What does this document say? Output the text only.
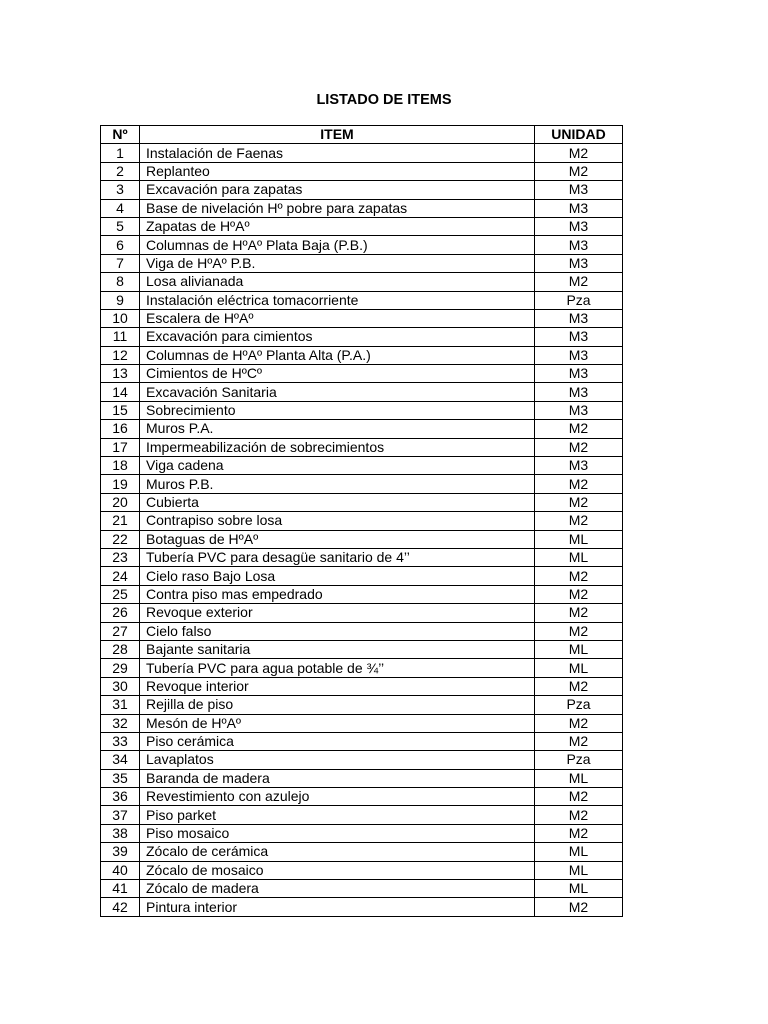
LISTADO DE ITEMS
Nº	ITEM	UNIDAD
1	Instalación de Faenas	M2
2	Replanteo	M2
3	Excavación para zapatas	M3
4	Base de nivelación Hº pobre para zapatas	M3
5	Zapatas de HºAº	M3
6	Columnas de HºAº Plata Baja (P.B.)	M3
7	Viga de HºAº P.B.	M3
8	Losa alivianada	M2
9	Instalación eléctrica tomacorriente	Pza
10	Escalera de HºAº	M3
11	Excavación para cimientos	M3
12	Columnas de HºAº Planta Alta (P.A.)	M3
13	Cimientos de HºCº	M3
14	Excavación Sanitaria	M3
15	Sobrecimiento	M3
16	Muros P.A.	M2
17	Impermeabilización de sobrecimientos	M2
18	Viga cadena	M3
19	Muros P.B.	M2
20	Cubierta	M2
21	Contrapiso sobre losa	M2
22	Botaguas de HºAº	ML
23	Tubería PVC para desagüe sanitario de 4’’	ML
24	Cielo raso Bajo Losa	M2
25	Contra piso mas empedrado	M2
26	Revoque exterior	M2
27	Cielo falso	M2
28	Bajante sanitaria	ML
29	Tubería PVC para agua potable de ¾’’	ML
30	Revoque interior	M2
31	Rejilla de piso	Pza
32	Mesón de HºAº	M2
33	Piso cerámica	M2
34	Lavaplatos	Pza
35	Baranda de madera	ML
36	Revestimiento con azulejo	M2
37	Piso parket	M2
38	Piso mosaico	M2
39	Zócalo de cerámica	ML
40	Zócalo de mosaico	ML
41	Zócalo de madera	ML
42	Pintura interior	M2
